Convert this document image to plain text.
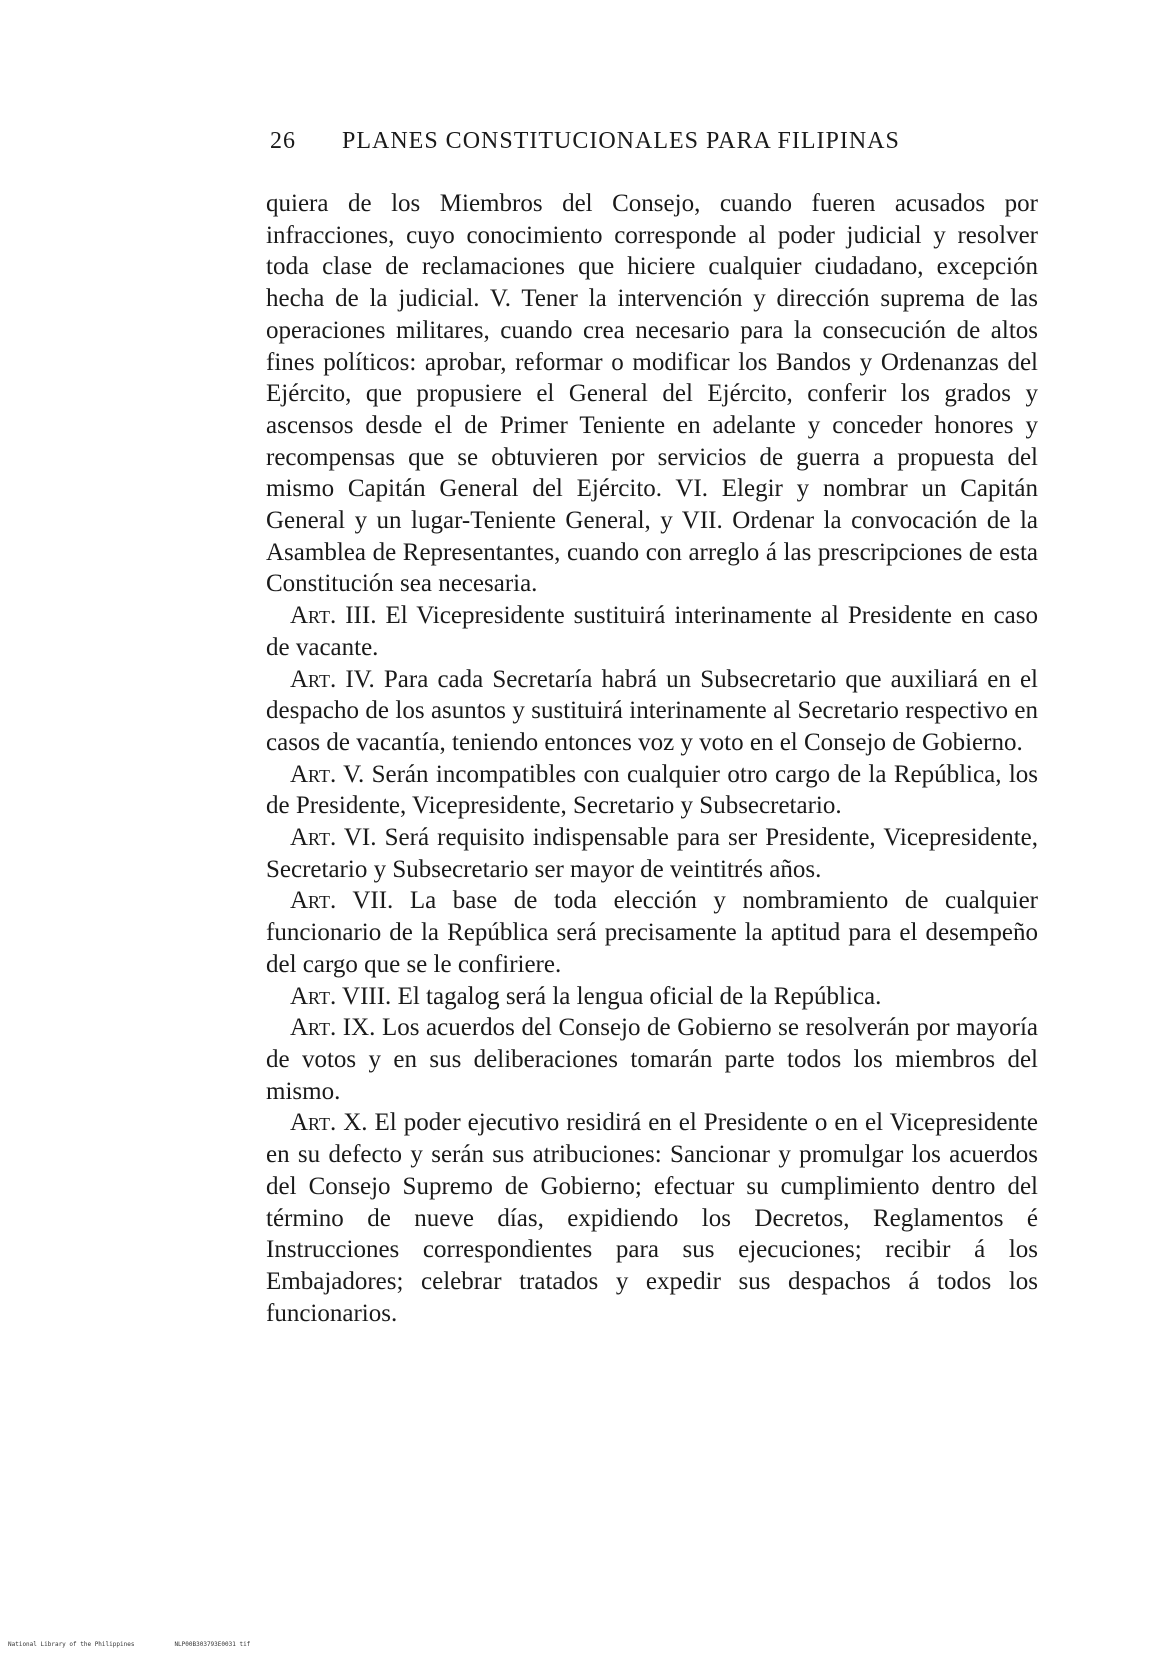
26 PLANES CONSTITUCIONALES PARA FILIPINAS

quiera de los Miembros del Consejo, cuando fueren acusados por infracciones, cuyo conocimiento corresponde al poder judicial y resolver toda clase de reclamaciones que hiciere cualquier ciudadano, excepción hecha de la judicial. V. Tener la intervención y dirección suprema de las operaciones militares, cuando crea necesario para la consecución de altos fines políticos: aprobar, reformar o modificar los Bandos y Ordenanzas del Ejército, que propusiere el General del Ejército, conferir los grados y ascensos desde el de Primer Teniente en adelante y conceder honores y recompensas que se obtuvieren por servicios de guerra a propuesta del mismo Capitán General del Ejército. VI. Elegir y nombrar un Capitán General y un lugar-Teniente General, y VII. Ordenar la convocación de la Asamblea de Representantes, cuando con arreglo á las prescripciones de esta Constitución sea necesaria.

Art. III. El Vicepresidente sustituirá interinamente al Presidente en caso de vacante.

Art. IV. Para cada Secretaría habrá un Subsecretario que auxiliará en el despacho de los asuntos y sustituirá interinamente al Secretario respectivo en casos de vacantía, teniendo entonces voz y voto en el Consejo de Gobierno.

Art. V. Serán incompatibles con cualquier otro cargo de la República, los de Presidente, Vicepresidente, Secretario y Subsecretario.

Art. VI. Será requisito indispensable para ser Presidente, Vicepresidente, Secretario y Subsecretario ser mayor de veintitrés años.

Art. VII. La base de toda elección y nombramiento de cualquier funcionario de la República será precisamente la aptitud para el desempeño del cargo que se le confiriere.

Art. VIII. El tagalog será la lengua oficial de la República.

Art. IX. Los acuerdos del Consejo de Gobierno se resolverán por mayoría de votos y en sus deliberaciones tomarán parte todos los miembros del mismo.

Art. X. El poder ejecutivo residirá en el Presidente o en el Vicepresidente en su defecto y serán sus atribuciones: Sancionar y promulgar los acuerdos del Consejo Supremo de Gobierno; efectuar su cumplimiento dentro del término de nueve días, expidiendo los Decretos, Reglamentos é Instrucciones correspondientes para sus ejecuciones; recibir á los Embajadores; celebrar tratados y expedir sus despachos á todos los funcionarios.

National Library of the Philippines	NLP00B303793E0031 tif
